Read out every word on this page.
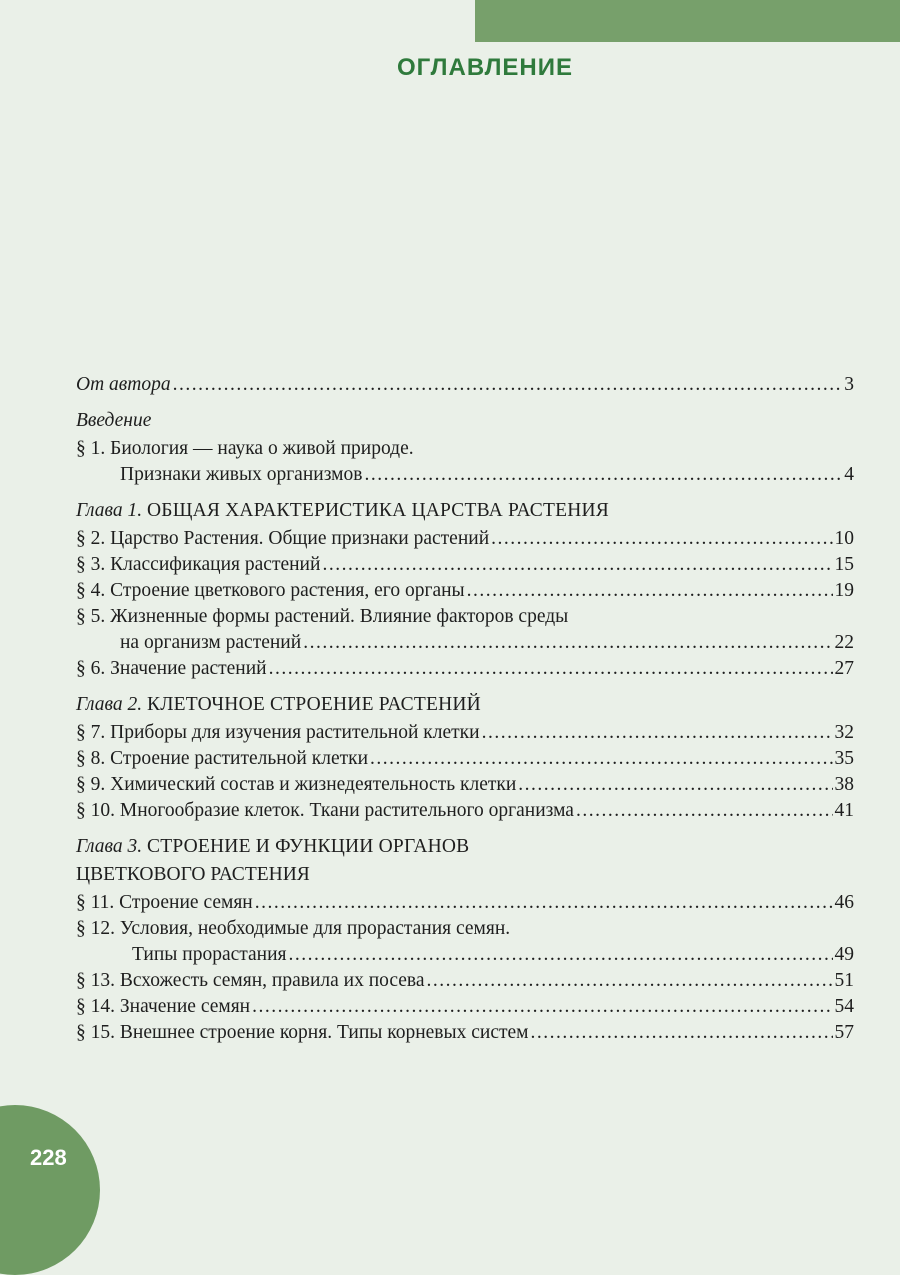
228
ОГЛАВЛЕНИЕ
От автора .....	3
Введение
§ 1. Биология — наука о живой природе.
Признаки живых организмов .....	4
Глава 1. ОБЩАЯ ХАРАКТЕРИСТИКА ЦАРСТВА РАСТЕНИЯ
§ 2. Царство Растения. Общие признаки растений .....	10
§ 3. Классификация растений .....	15
§ 4. Строение цветкового растения, его органы .....	19
§ 5. Жизненные формы растений. Влияние факторов среды
на организм растений .....	22
§ 6. Значение растений .....	27
Глава 2. КЛЕТОЧНОЕ СТРОЕНИЕ РАСТЕНИЙ
§ 7. Приборы для изучения растительной клетки .....	32
§ 8. Строение растительной клетки .....	35
§ 9. Химический состав и жизнедеятельность клетки .....	38
§ 10. Многообразие клеток. Ткани растительного организма .....	41
Глава 3. СТРОЕНИЕ И ФУНКЦИИ ОРГАНОВ
ЦВЕТКОВОГО РАСТЕНИЯ
§ 11. Строение семян .....	46
§ 12. Условия, необходимые для прорастания семян.
Типы прорастания .....	49
§ 13. Всхожесть семян, правила их посева .....	51
§ 14. Значение семян .....	54
§ 15. Внешнее строение корня. Типы корневых систем .....	57
